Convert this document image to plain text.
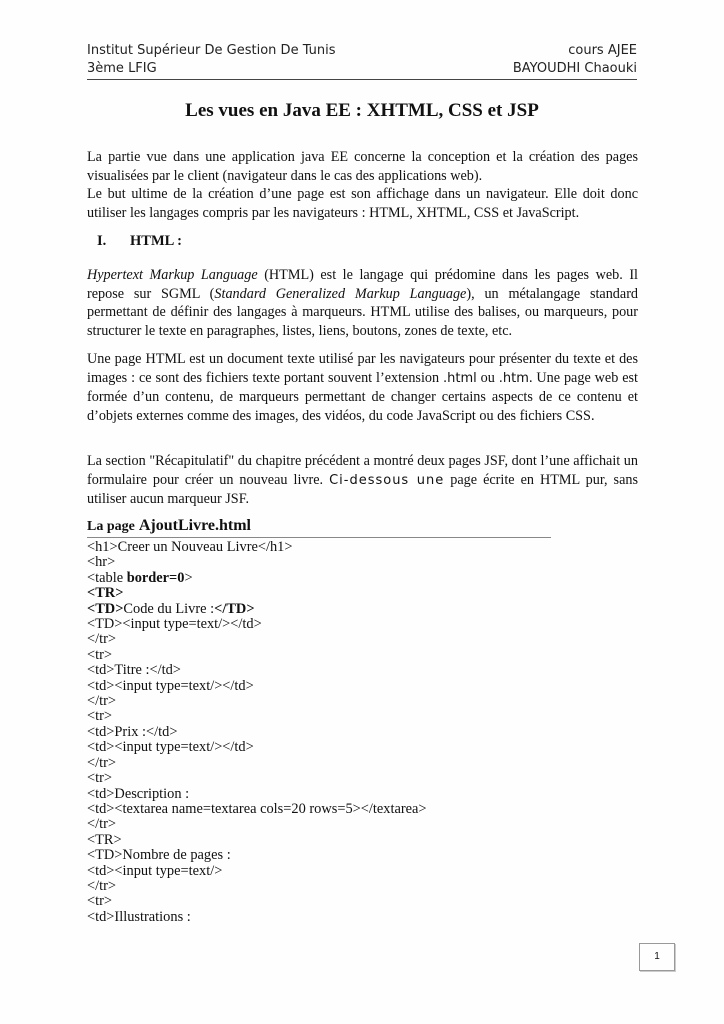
Institut Supérieur De Gestion De Tunis	cours AJEE
3ème LFIG	BAYOUDHI Chaouki
Les vues en Java EE : XHTML, CSS et JSP

La partie vue dans une application java EE concerne la conception et la création des pages visualisées par le client (navigateur dans le cas des applications web).

Le but ultime de la création d’une page est son affichage dans un navigateur. Elle doit donc utiliser les langages compris par les navigateurs : HTML, XHTML, CSS et JavaScript.

I. HTML :

Hypertext Markup Language (HTML) est le langage qui prédomine dans les pages web. Il repose sur SGML (Standard Generalized Markup Language), un métalangage standard permettant de définir des langages à marqueurs. HTML utilise des balises, ou marqueurs, pour structurer le texte en paragraphes, listes, liens, boutons, zones de texte, etc.

Une page HTML est un document texte utilisé par les navigateurs pour présenter du texte et des images : ce sont des fichiers texte portant souvent l’extension .html ou .htm. Une page web est formée d’un contenu, de marqueurs permettant de changer certains aspects de ce contenu et d’objets externes comme des images, des vidéos, du code JavaScript ou des fichiers CSS.

La section "Récapitulatif" du chapitre précédent a montré deux pages JSF, dont l’une affichait un formulaire pour créer un nouveau livre. Ci-dessous une page écrite en HTML pur, sans utiliser aucun marqueur JSF.

La page AjoutLivre.html
<h1>Creer un Nouveau Livre</h1>
<hr>
<table border=0>
<TR>
<TD>Code du Livre :</TD>
<TD><input type=text/></td>
</tr>
<tr>
<td>Titre :</td>
<td><input type=text/></td>
</tr>
<tr>
<td>Prix :</td>
<td><input type=text/></td>
</tr>
<tr>
<td>Description :
<td><textarea name=textarea cols=20 rows=5></textarea>
</tr>
<TR>
<TD>Nombre de pages :
<td><input type=text/>
</tr>
<tr>
<td>Illustrations :
1
